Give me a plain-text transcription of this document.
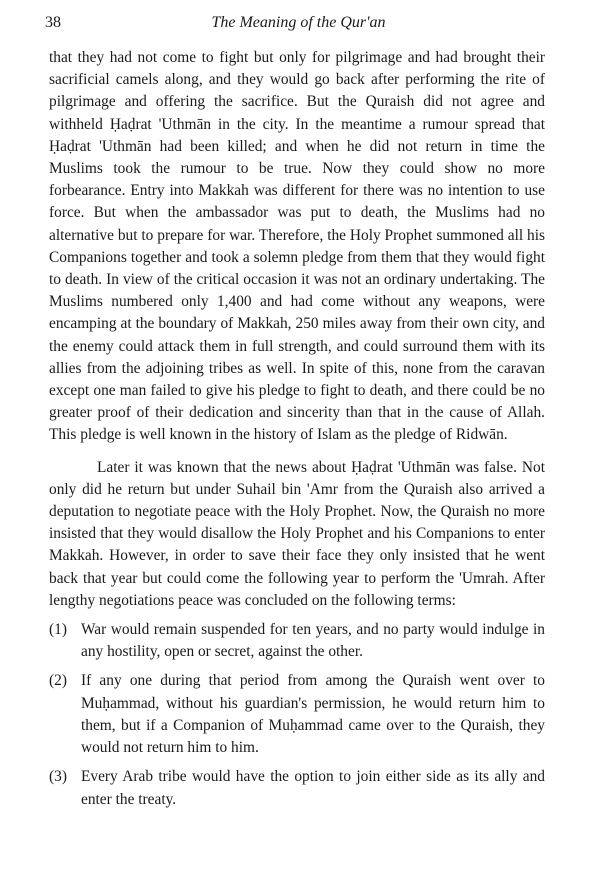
38	The Meaning of the Qur'an

that they had not come to fight but only for pilgrimage and had brought their sacrificial camels along, and they would go back after performing the rite of pilgrimage and offering the sacrifice. But the Quraish did not agree and withheld Ḥaḍrat 'Uthmān in the city. In the meantime a rumour spread that Ḥaḍrat 'Uthmān had been killed; and when he did not return in time the Muslims took the rumour to be true. Now they could show no more forbearance. Entry into Makkah was different for there was no intention to use force. But when the ambassador was put to death, the Muslims had no alternative but to prepare for war. Therefore, the Holy Prophet summoned all his Companions together and took a solemn pledge from them that they would fight to death. In view of the critical occasion it was not an ordinary undertaking. The Muslims numbered only 1,400 and had come without any weapons, were encamping at the boundary of Makkah, 250 miles away from their own city, and the enemy could attack them in full strength, and could surround them with its allies from the adjoining tribes as well. In spite of this, none from the caravan except one man failed to give his pledge to fight to death, and there could be no greater proof of their dedication and sincerity than that in the cause of Allah. This pledge is well known in the history of Islam as the pledge of Ridwān.

Later it was known that the news about Ḥaḍrat 'Uthmān was false. Not only did he return but under Suhail bin 'Amr from the Quraish also arrived a deputation to negotiate peace with the Holy Prophet. Now, the Quraish no more insisted that they would disallow the Holy Prophet and his Companions to enter Makkah. However, in order to save their face they only insisted that he went back that year but could come the following year to perform the 'Umrah. After lengthy negotiations peace was concluded on the following terms:

(1) War would remain suspended for ten years, and no party would indulge in any hostility, open or secret, against the other.
(2) If any one during that period from among the Quraish went over to Muḥammad, without his guardian's permission, he would return him to them, but if a Companion of Muḥammad came over to the Quraish, they would not return him to him.
(3) Every Arab tribe would have the option to join either side as its ally and enter the treaty.
